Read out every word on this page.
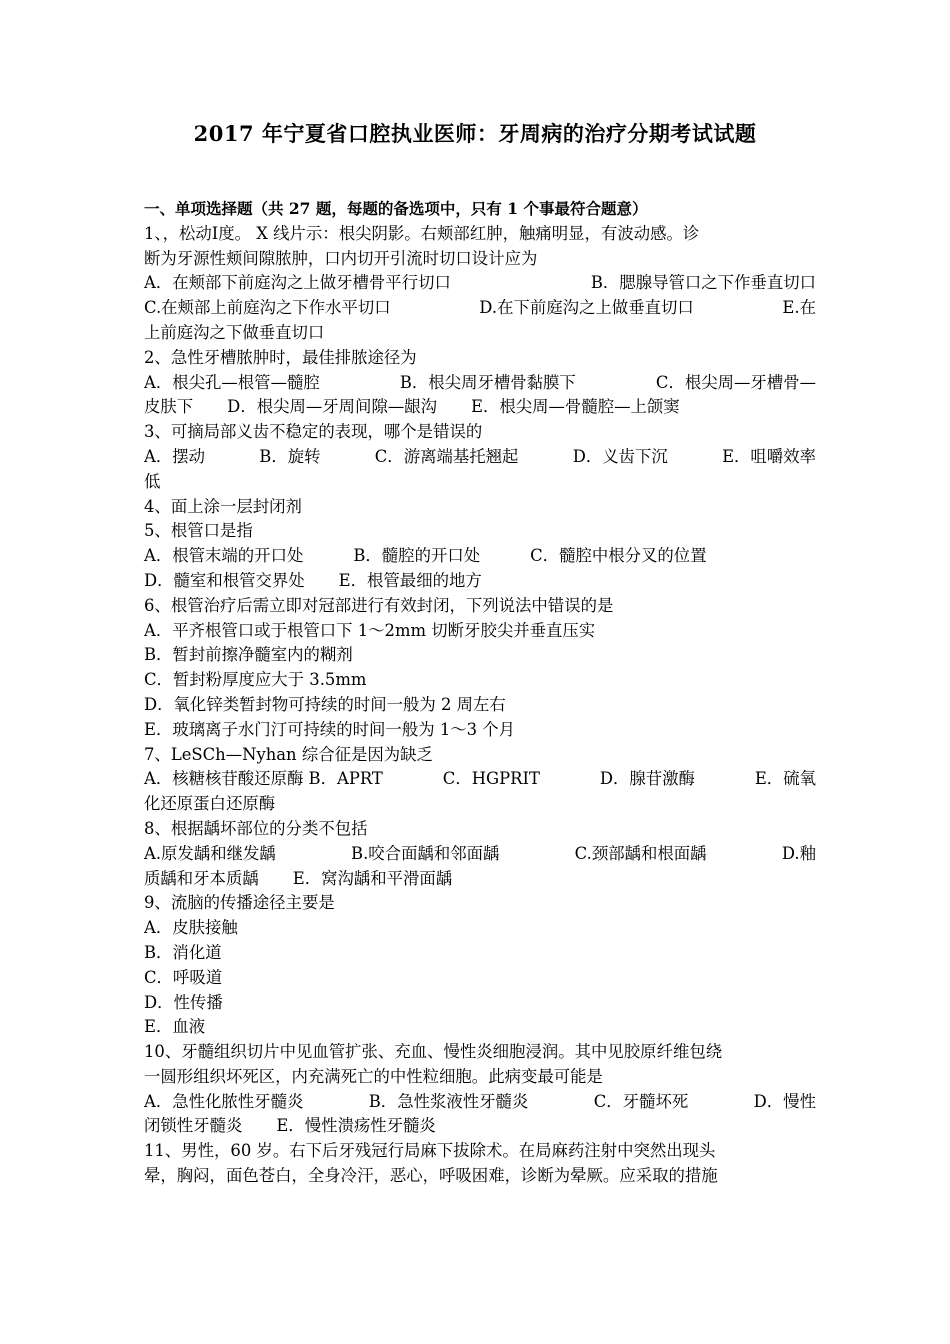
2017 年宁夏省口腔执业医师：牙周病的治疗分期考试试题
一、单项选择题（共 27 题，每题的备选项中，只有 1 个事最符合题意）
1、，松动Ⅰ度。 X 线片示：根尖阴影。右颊部红肿，触痛明显，有波动感。诊
断为牙源性颊间隙脓肿，口内切开引流时切口设计应为
A．在颊部下前庭沟之上做牙槽骨平行切口	B．腮腺导管口之下作垂直切口
C.在颊部上前庭沟之下作水平切口	D.在下前庭沟之上做垂直切口	E.在
上前庭沟之下做垂直切口
2、急性牙槽脓肿时，最佳排脓途径为
A．根尖孔—根管—髓腔	B．根尖周牙槽骨黏膜下	C．根尖周—牙槽骨—
皮肤下 D．根尖周—牙周间隙—龈沟 E．根尖周—骨髓腔—上颌窦
3、可摘局部义齿不稳定的表现，哪个是错误的
A．摆动	B．旋转	C．游离端基托翘起	D．义齿下沉	E．咀嚼效率
低
4、面上涂一层封闭剂
5、根管口是指
A．根管末端的开口处	B．髓腔的开口处	C．髓腔中根分叉的位置
D．髓室和根管交界处 E．根管最细的地方
6、根管治疗后需立即对冠部进行有效封闭，下列说法中错误的是
A．平齐根管口或于根管口下 1～2mm 切断牙胶尖并垂直压实
B．暂封前擦净髓室内的糊剂
C．暂封粉厚度应大于 3.5mm
D．氧化锌类暂封物可持续的时间一般为 2 周左右
E．玻璃离子水门汀可持续的时间一般为 1～3 个月
7、LeSCh—Nyhan 综合征是因为缺乏
A．核糖核苷酸还原酶 B．APRT	C．HGPRIT	D．腺苷激酶	E．硫氧
化还原蛋白还原酶
8、根据龋坏部位的分类不包括
A.原发龋和继发龋	B.咬合面龋和邻面龋	C.颈部龋和根面龋	D.釉
质龋和牙本质龋 E．窝沟龋和平滑面龋
9、流脑的传播途径主要是
A．皮肤接触
B．消化道
C．呼吸道
D．性传播
E．血液
10、牙髓组织切片中见血管扩张、充血、慢性炎细胞浸润。其中见胶原纤维包绕
一圆形组织坏死区，内充满死亡的中性粒细胞。此病变最可能是
A．急性化脓性牙髓炎	B．急性浆液性牙髓炎	C．牙髓坏死	D．慢性
闭锁性牙髓炎 E．慢性溃疡性牙髓炎
11、男性，60 岁。右下后牙残冠行局麻下拔除术。在局麻药注射中突然出现头
晕，胸闷，面色苍白，全身冷汗，恶心，呼吸困难，诊断为晕厥。应采取的措施
